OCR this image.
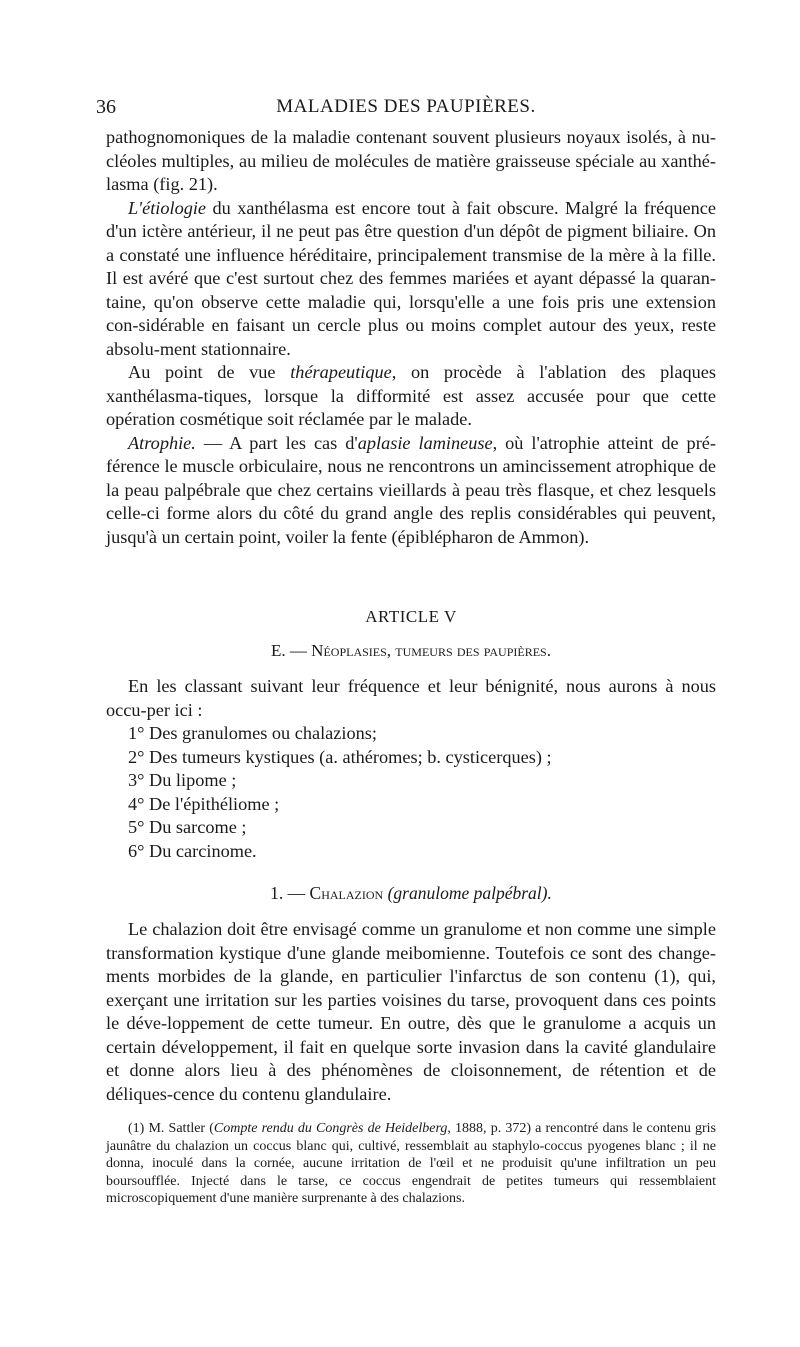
36	MALADIES DES PAUPIÈRES.

pathognomoniques de la maladie contenant souvent plusieurs noyaux isolés, à nu-cléoles multiples, au milieu de molécules de matière graisseuse spéciale au xanthé-lasma (fig. 21).

L'étiologie du xanthélasma est encore tout à fait obscure. Malgré la fréquence d'un ictère antérieur, il ne peut pas être question d'un dépôt de pigment biliaire. On a constaté une influence héréditaire, principalement transmise de la mère à la fille. Il est avéré que c'est surtout chez des femmes mariées et ayant dépassé la quaran-taine, qu'on observe cette maladie qui, lorsqu'elle a une fois pris une extension con-sidérable en faisant un cercle plus ou moins complet autour des yeux, reste absolu-ment stationnaire.

Au point de vue thérapeutique, on procède à l'ablation des plaques xanthélasma-tiques, lorsque la difformité est assez accusée pour que cette opération cosmétique soit réclamée par le malade.

Atrophie. — A part les cas d'aplasie lamineuse, où l'atrophie atteint de pré-férence le muscle orbiculaire, nous ne rencontrons un amincissement atrophique de la peau palpébrale que chez certains vieillards à peau très flasque, et chez lesquels celle-ci forme alors du côté du grand angle des replis considérables qui peuvent, jusqu'à un certain point, voiler la fente (épiblépharon de Ammon).

ARTICLE V
E. — Néoplasies, tumeurs des paupières.

En les classant suivant leur fréquence et leur bénignité, nous aurons à nous occu-per ici :

1° Des granulomes ou chalazions;
2° Des tumeurs kystiques (a. athéromes; b. cysticerques) ;
3° Du lipome ;
4° De l'épithéliome ;
5° Du sarcome ;
6° Du carcinome.
1. — Chalazion (granulome palpébral).

Le chalazion doit être envisagé comme un granulome et non comme une simple transformation kystique d'une glande meibomienne. Toutefois ce sont des change-ments morbides de la glande, en particulier l'infarctus de son contenu (1), qui, exerçant une irritation sur les parties voisines du tarse, provoquent dans ces points le déve-loppement de cette tumeur. En outre, dès que le granulome a acquis un certain développement, il fait en quelque sorte invasion dans la cavité glandulaire et donne alors lieu à des phénomènes de cloisonnement, de rétention et de déliques-cence du contenu glandulaire.

(1) M. Sattler (Compte rendu du Congrès de Heidelberg, 1888, p. 372) a rencontré dans le contenu gris jaunâtre du chalazion un coccus blanc qui, cultivé, ressemblait au staphylo-coccus pyogenes blanc ; il ne donna, inoculé dans la cornée, aucune irritation de l'œil et ne produisit qu'une infiltration un peu boursoufflée. Injecté dans le tarse, ce coccus engendrait de petites tumeurs qui ressemblaient microscopiquement d'une manière surprenante à des chalazions.
